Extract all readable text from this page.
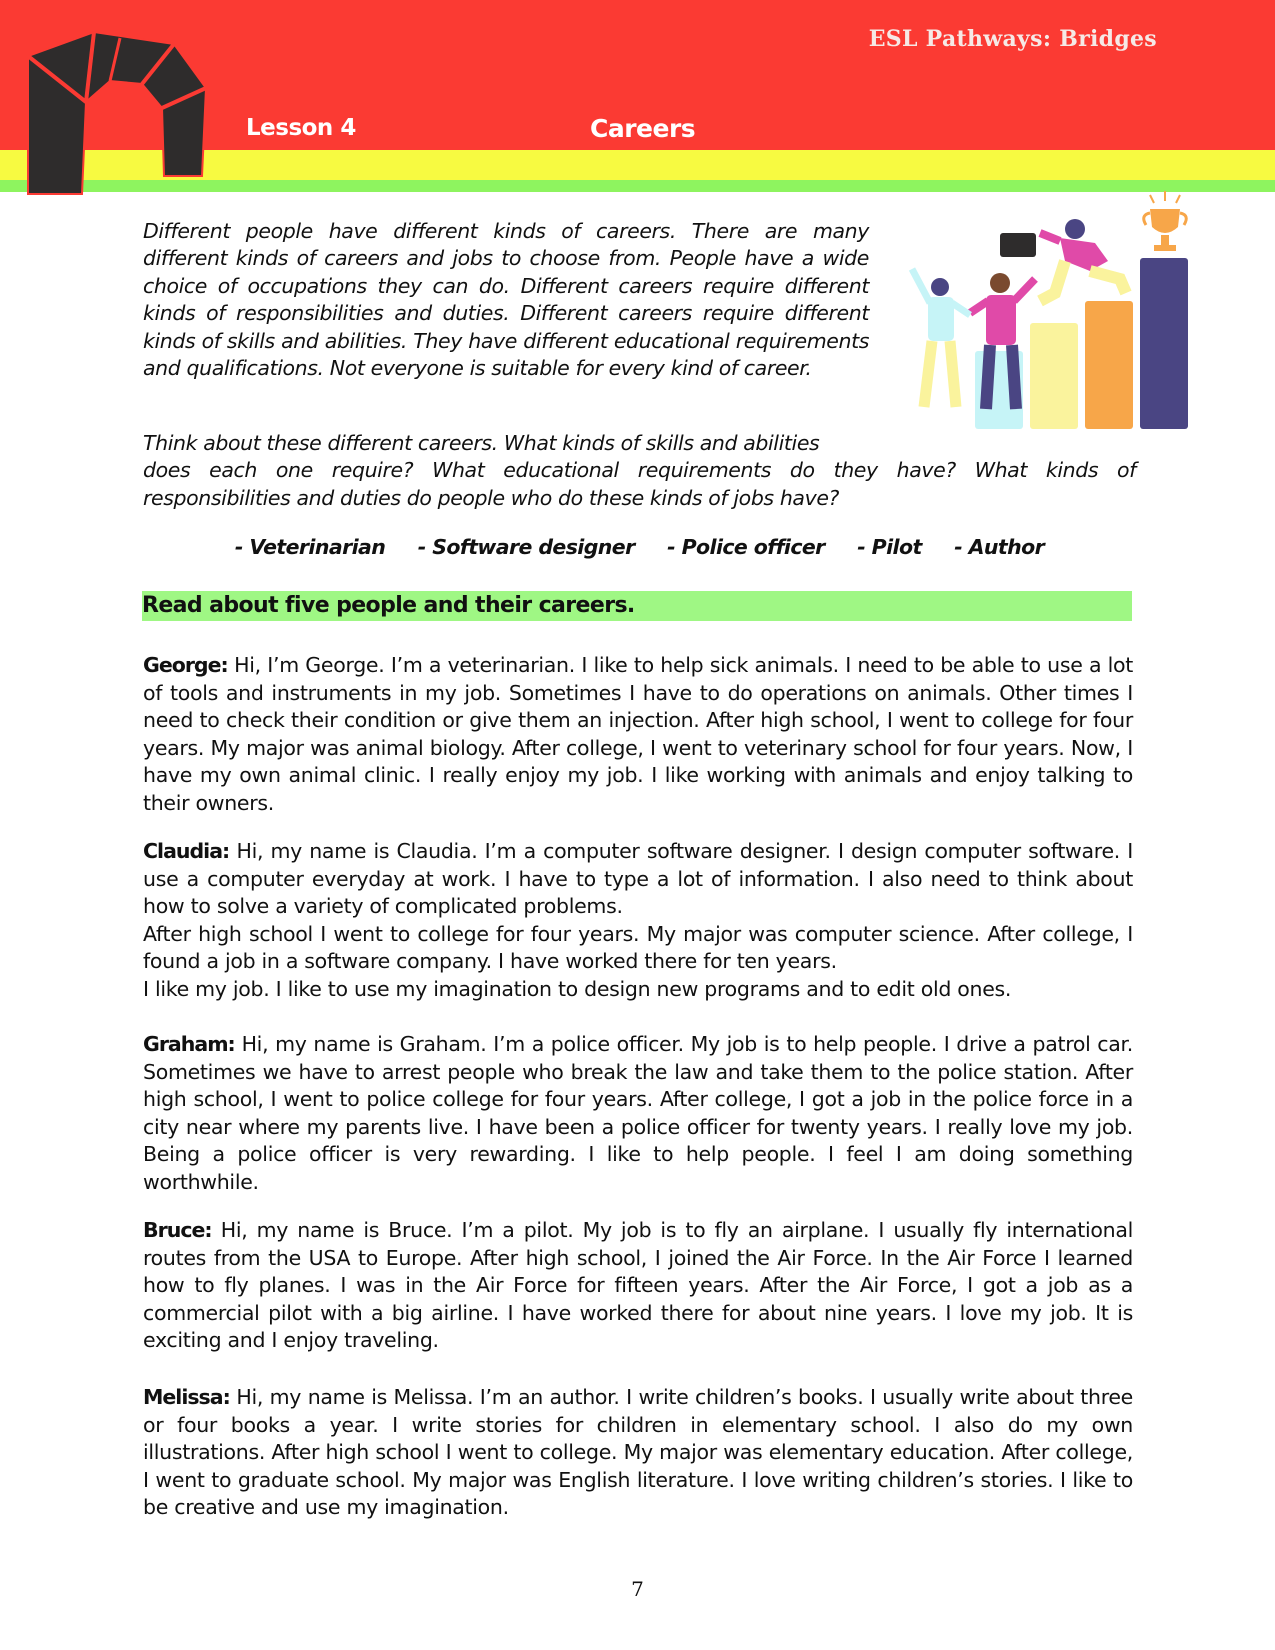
ESL Pathways: Bridges
Lesson 4	Careers
Different people have different kinds of careers. There are many different kinds of careers and jobs to choose from. People have a wide choice of occupations they can do. Different careers require different kinds of responsibilities and duties. Different careers require different kinds of skills and abilities. They have different educational requirements and qualifications. Not everyone is suitable for every kind of career.
Think about these different careers. What kinds of skills and abilities
does each one require? What educational requirements do they have? What kinds of responsibilities and duties do people who do these kinds of jobs have?
- Veterinarian - Software designer - Police officer - Pilot - Author
Read about five people and their careers.
George: Hi, I’m George. I’m a veterinarian. I like to help sick animals. I need to be able to use a lot of tools and instruments in my job. Sometimes I have to do operations on animals. Other times I need to check their condition or give them an injection. After high school, I went to college for four years. My major was animal biology. After college, I went to veterinary school for four years. Now, I have my own animal clinic. I really enjoy my job. I like working with animals and enjoy talking to their owners.
Claudia: Hi, my name is Claudia. I’m a computer software designer. I design computer software. I use a computer everyday at work. I have to type a lot of information. I also need to think about how to solve a variety of complicated problems.
After high school I went to college for four years. My major was computer science. After college, I found a job in a software company. I have worked there for ten years.
I like my job. I like to use my imagination to design new programs and to edit old ones.
Graham: Hi, my name is Graham. I’m a police officer. My job is to help people. I drive a patrol car. Sometimes we have to arrest people who break the law and take them to the police station. After high school, I went to police college for four years. After college, I got a job in the police force in a city near where my parents live. I have been a police officer for twenty years. I really love my job. Being a police officer is very rewarding. I like to help people. I feel I am doing something worthwhile.
Bruce: Hi, my name is Bruce. I’m a pilot. My job is to fly an airplane. I usually fly international routes from the USA to Europe. After high school, I joined the Air Force. In the Air Force I learned how to fly planes. I was in the Air Force for fifteen years. After the Air Force, I got a job as a commercial pilot with a big airline. I have worked there for about nine years. I love my job. It is exciting and I enjoy traveling.
Melissa: Hi, my name is Melissa. I’m an author. I write children’s books. I usually write about three or four books a year. I write stories for children in elementary school. I also do my own illustrations. After high school I went to college. My major was elementary education. After college, I went to graduate school. My major was English literature. I love writing children’s stories. I like to be creative and use my imagination.
7
